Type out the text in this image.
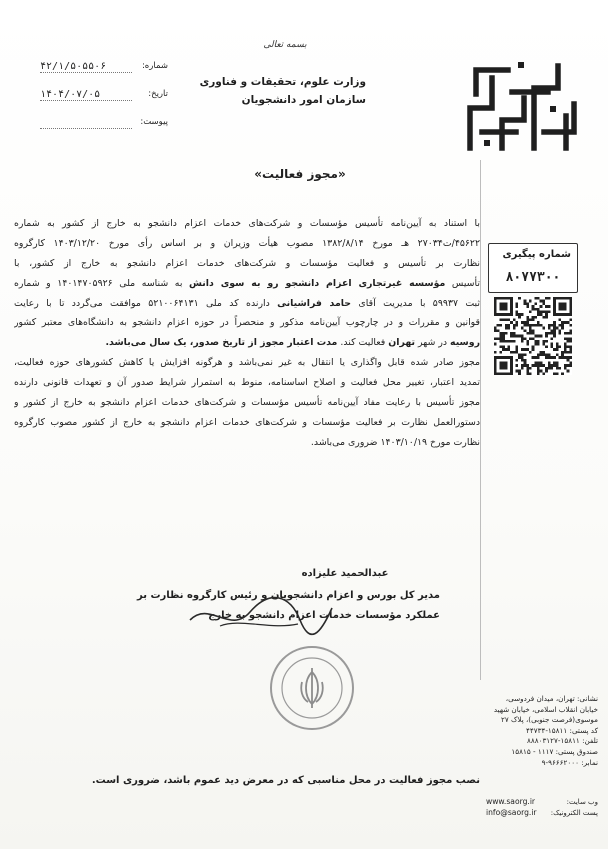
بسمه تعالی
وزارت علوم، تحقیقات و فناوری
سازمان امور دانشجویان
شماره:
۴۲/۱/۵۰۵۵۰۶
تاریخ:
۱۴۰۴/۰۷/۰۵
پیوست:
شماره پیگیری
۸۰۷۷۳۰۰
«مجوز فعالیت»

با استناد به آیین‌نامه تأسیس مؤسسات و شرکت‌های خدمات اعزام دانشجو به خارج از کشور به شماره

۴۵۶۲۲/ت۲۷۰۳۴ هـ مورخ ۱۳۸۲/۸/۱۴ مصوب هیأت وزیران و بر اساس رأی مورخ ۱۴۰۳/۱۲/۲۰ کارگروه

نظارت بر تأسیس و فعالیت مؤسسات و شرکت‌های خدمات اعزام دانشجو به خارج از کشور، با

تأسیس مؤسسه غیرتجاری اعزام دانشجو رو به سوی دانش به شناسه ملی ۱۴۰۱۴۷۰۵۹۲۶ و شماره

ثبت ۵۹۹۳۷ با مدیریت آقای حامد فراشیانی دارنده کد ملی ۵۲۱۰۰۶۴۱۳۱ موافقت می‌گردد تا با رعایت

قوانین و مقررات و در چارچوب آیین‌نامه مذکور و منحصراً در حوزه اعزام دانشجو به دانشگاه‌های معتبر کشور

روسیه در شهر تهران فعالیت کند. مدت اعتبار مجوز از تاریخ صدور، یک سال می‌باشد.

مجوز صادر شده قابل واگذاری یا انتقال به غیر نمی‌باشد و هرگونه افزایش یا کاهش کشورهای حوزه فعالیت،

تمدید اعتبار، تغییر محل فعالیت و اصلاح اساسنامه، منوط به استمرار شرایط صدور آن و تعهدات قانونی دارنده

مجوز تأسیس با رعایت مفاد آیین‌نامه تأسیس مؤسسات و شرکت‌های خدمات اعزام دانشجو به خارج از کشور و

دستورالعمل نظارت بر فعالیت مؤسسات و شرکت‌های خدمات اعزام دانشجو به خارج از کشور مصوب کارگروه

نظارت مورخ ۱۴۰۳/۱۰/۱۹ ضروری می‌باشد.

عبدالحمید علیزاده
مدیر کل بورس و اعزام دانشجویان و رئیس کارگروه نظارت بر
عملکرد مؤسسات خدمات اعزام دانشجو به خارج
نشانی: تهران، میدان فردوسی،
خیابان انقلاب اسلامی، خیابان شهید
موسوی(فرصت جنوبی)، پلاک ۲۷
کد پستی: ۱۵۸۱۱-۴۴۷۳۴
تلفن: ۱۵۸۱۱-۸۸۸۰۳۱۲۷
صندوق پستی: ۱۱۱۷ - ۱۵۸۱۵
نمابر: ۹۶۶۶۲۰۰۰-۹
نصب مجوز فعالیت در محل مناسبی که در معرض دید عموم باشد، ضروری است.
وب سایت:
www.saorg.ir
پست الکترونیک:
info@saorg.ir
